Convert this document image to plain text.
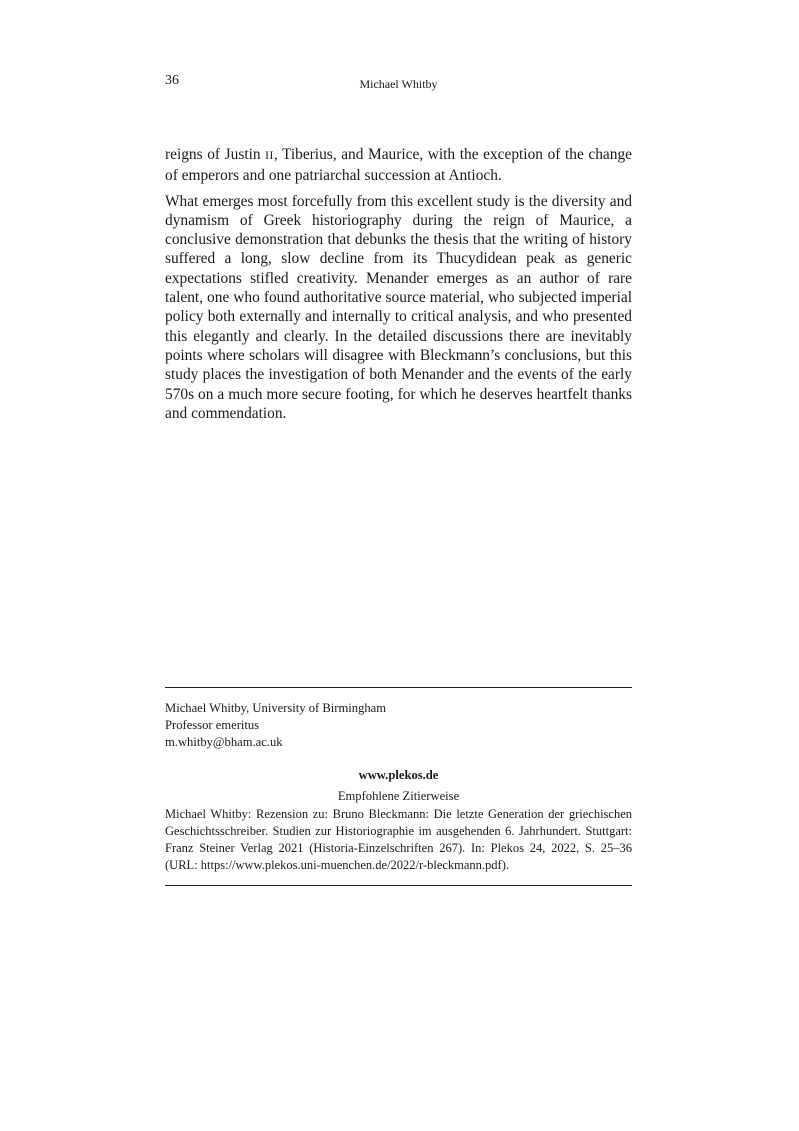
36	Michael Whitby

reigns of Justin II, Tiberius, and Maurice, with the exception of the change of emperors and one patriarchal succession at Antioch.

What emerges most forcefully from this excellent study is the diversity and dynamism of Greek historiography during the reign of Maurice, a conclusive demonstration that debunks the thesis that the writing of history suffered a long, slow decline from its Thucydidean peak as generic expectations stifled creativity. Menander emerges as an author of rare talent, one who found authoritative source material, who subjected imperial policy both externally and internally to critical analysis, and who presented this elegantly and clearly. In the detailed discussions there are inevitably points where scholars will disagree with Bleckmann’s conclusions, but this study places the investigation of both Menander and the events of the early 570s on a much more secure footing, for which he deserves heartfelt thanks and commendation.

Michael Whitby, University of Birmingham
Professor emeritus
m.whitby@bham.ac.uk
www.plekos.de
Empfohlene Zitierweise
Michael Whitby: Rezension zu: Bruno Bleckmann: Die letzte Generation der griechischen Geschichtsschreiber. Studien zur Historiographie im ausgehenden 6. Jahrhundert. Stuttgart: Franz Steiner Verlag 2021 (Historia-Einzelschriften 267). In: Plekos 24, 2022, S. 25–36 (URL: https://www.plekos.uni-muenchen.de/2022/r-bleckmann.pdf).
